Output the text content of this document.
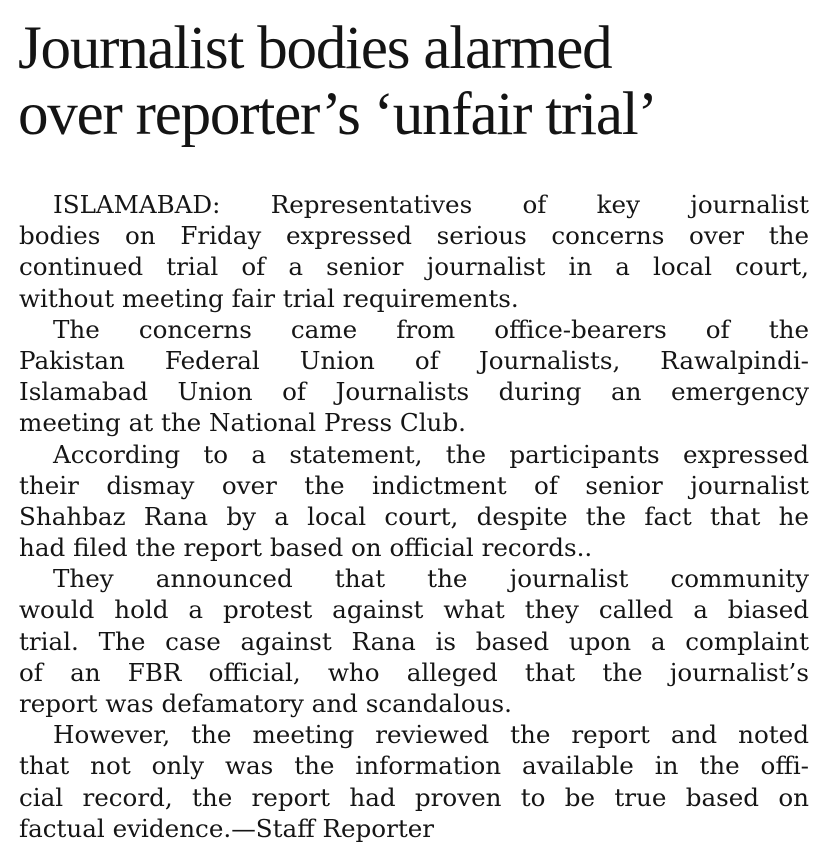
Journalist bodies alarmed
over reporter’s ‘unfair trial’
ISLAMABAD: Representatives of key journalist
bodies on Friday expressed serious concerns over the
continued trial of a senior journalist in a local court,
without meeting fair trial requirements.
The concerns came from office-bearers of the
Pakistan Federal Union of Journalists, Rawalpindi-
Islamabad Union of Journalists during an emergency
meeting at the National Press Club.
According to a statement, the participants expressed
their dismay over the indictment of senior journalist
Shahbaz Rana by a local court, despite the fact that he
had filed the report based on official records..
They announced that the journalist community
would hold a protest against what they called a biased
trial. The case against Rana is based upon a complaint
of an FBR official, who alleged that the journalist’s
report was defamatory and scandalous.
However, the meeting reviewed the report and noted
that not only was the information available in the offi-
cial record, the report had proven to be true based on
factual evidence.—Staff Reporter
